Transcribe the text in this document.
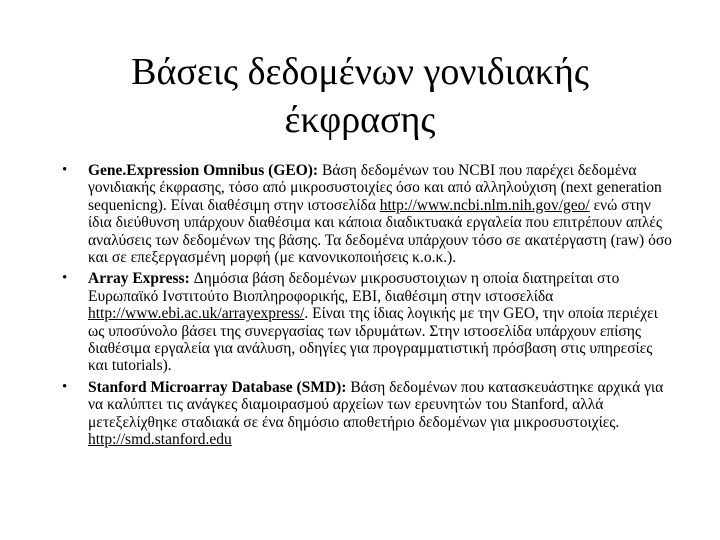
Βάσεις δεδομένων γονιδιακής
έκφρασης
• Gene.Expression Omnibus (GEO): Βάση δεδομένων του NCBI που παρέχει δεδομένα γονιδιακής έκφρασης, τόσο από μικροσυστοιχίες όσο και από αλληλούχιση (next generation sequenicng). Είναι διαθέσιμη στην ιστοσελίδα http://www.ncbi.nlm.nih.gov/geo/ ενώ στην ίδια διεύθυνση υπάρχουν διαθέσιμα και κάποια διαδικτυακά εργαλεία που επιτρέπουν απλές αναλύσεις των δεδομένων της βάσης. Τα δεδομένα υπάρχουν τόσο σε ακατέργαστη (raw) όσο και σε επεξεργασμένη μορφή (με κανονικοποιήσεις κ.ο.κ.).
• Array Express: Δημόσια βάση δεδομένων μικροσυστοιχιων η οποία διατηρείται στο Ευρωπαϊκό Ινστιτούτο Βιοπληροφορικής, EBI, διαθέσιμη στην ιστοσελίδα http://www.ebi.ac.uk/arrayexpress/. Είναι της ίδιας λογικής με την GEO, την οποία περιέχει ως υποσύνολο βάσει της συνεργασίας των ιδρυμάτων. Στην ιστοσελίδα υπάρχουν επίσης διαθέσιμα εργαλεία για ανάλυση, οδηγίες για προγραμματιστική πρόσβαση στις υπηρεσίες και tutorials).
• Stanford Microarray Database (SMD): Βάση δεδομένων που κατασκευάστηκε αρχικά για να καλύπτει τις ανάγκες διαμοιρασμού αρχείων των ερευνητών του Stanford, αλλά μετεξελίχθηκε σταδιακά σε ένα δημόσιο αποθετήριο δεδομένων για μικροσυστοιχίες. http://smd.stanford.edu
